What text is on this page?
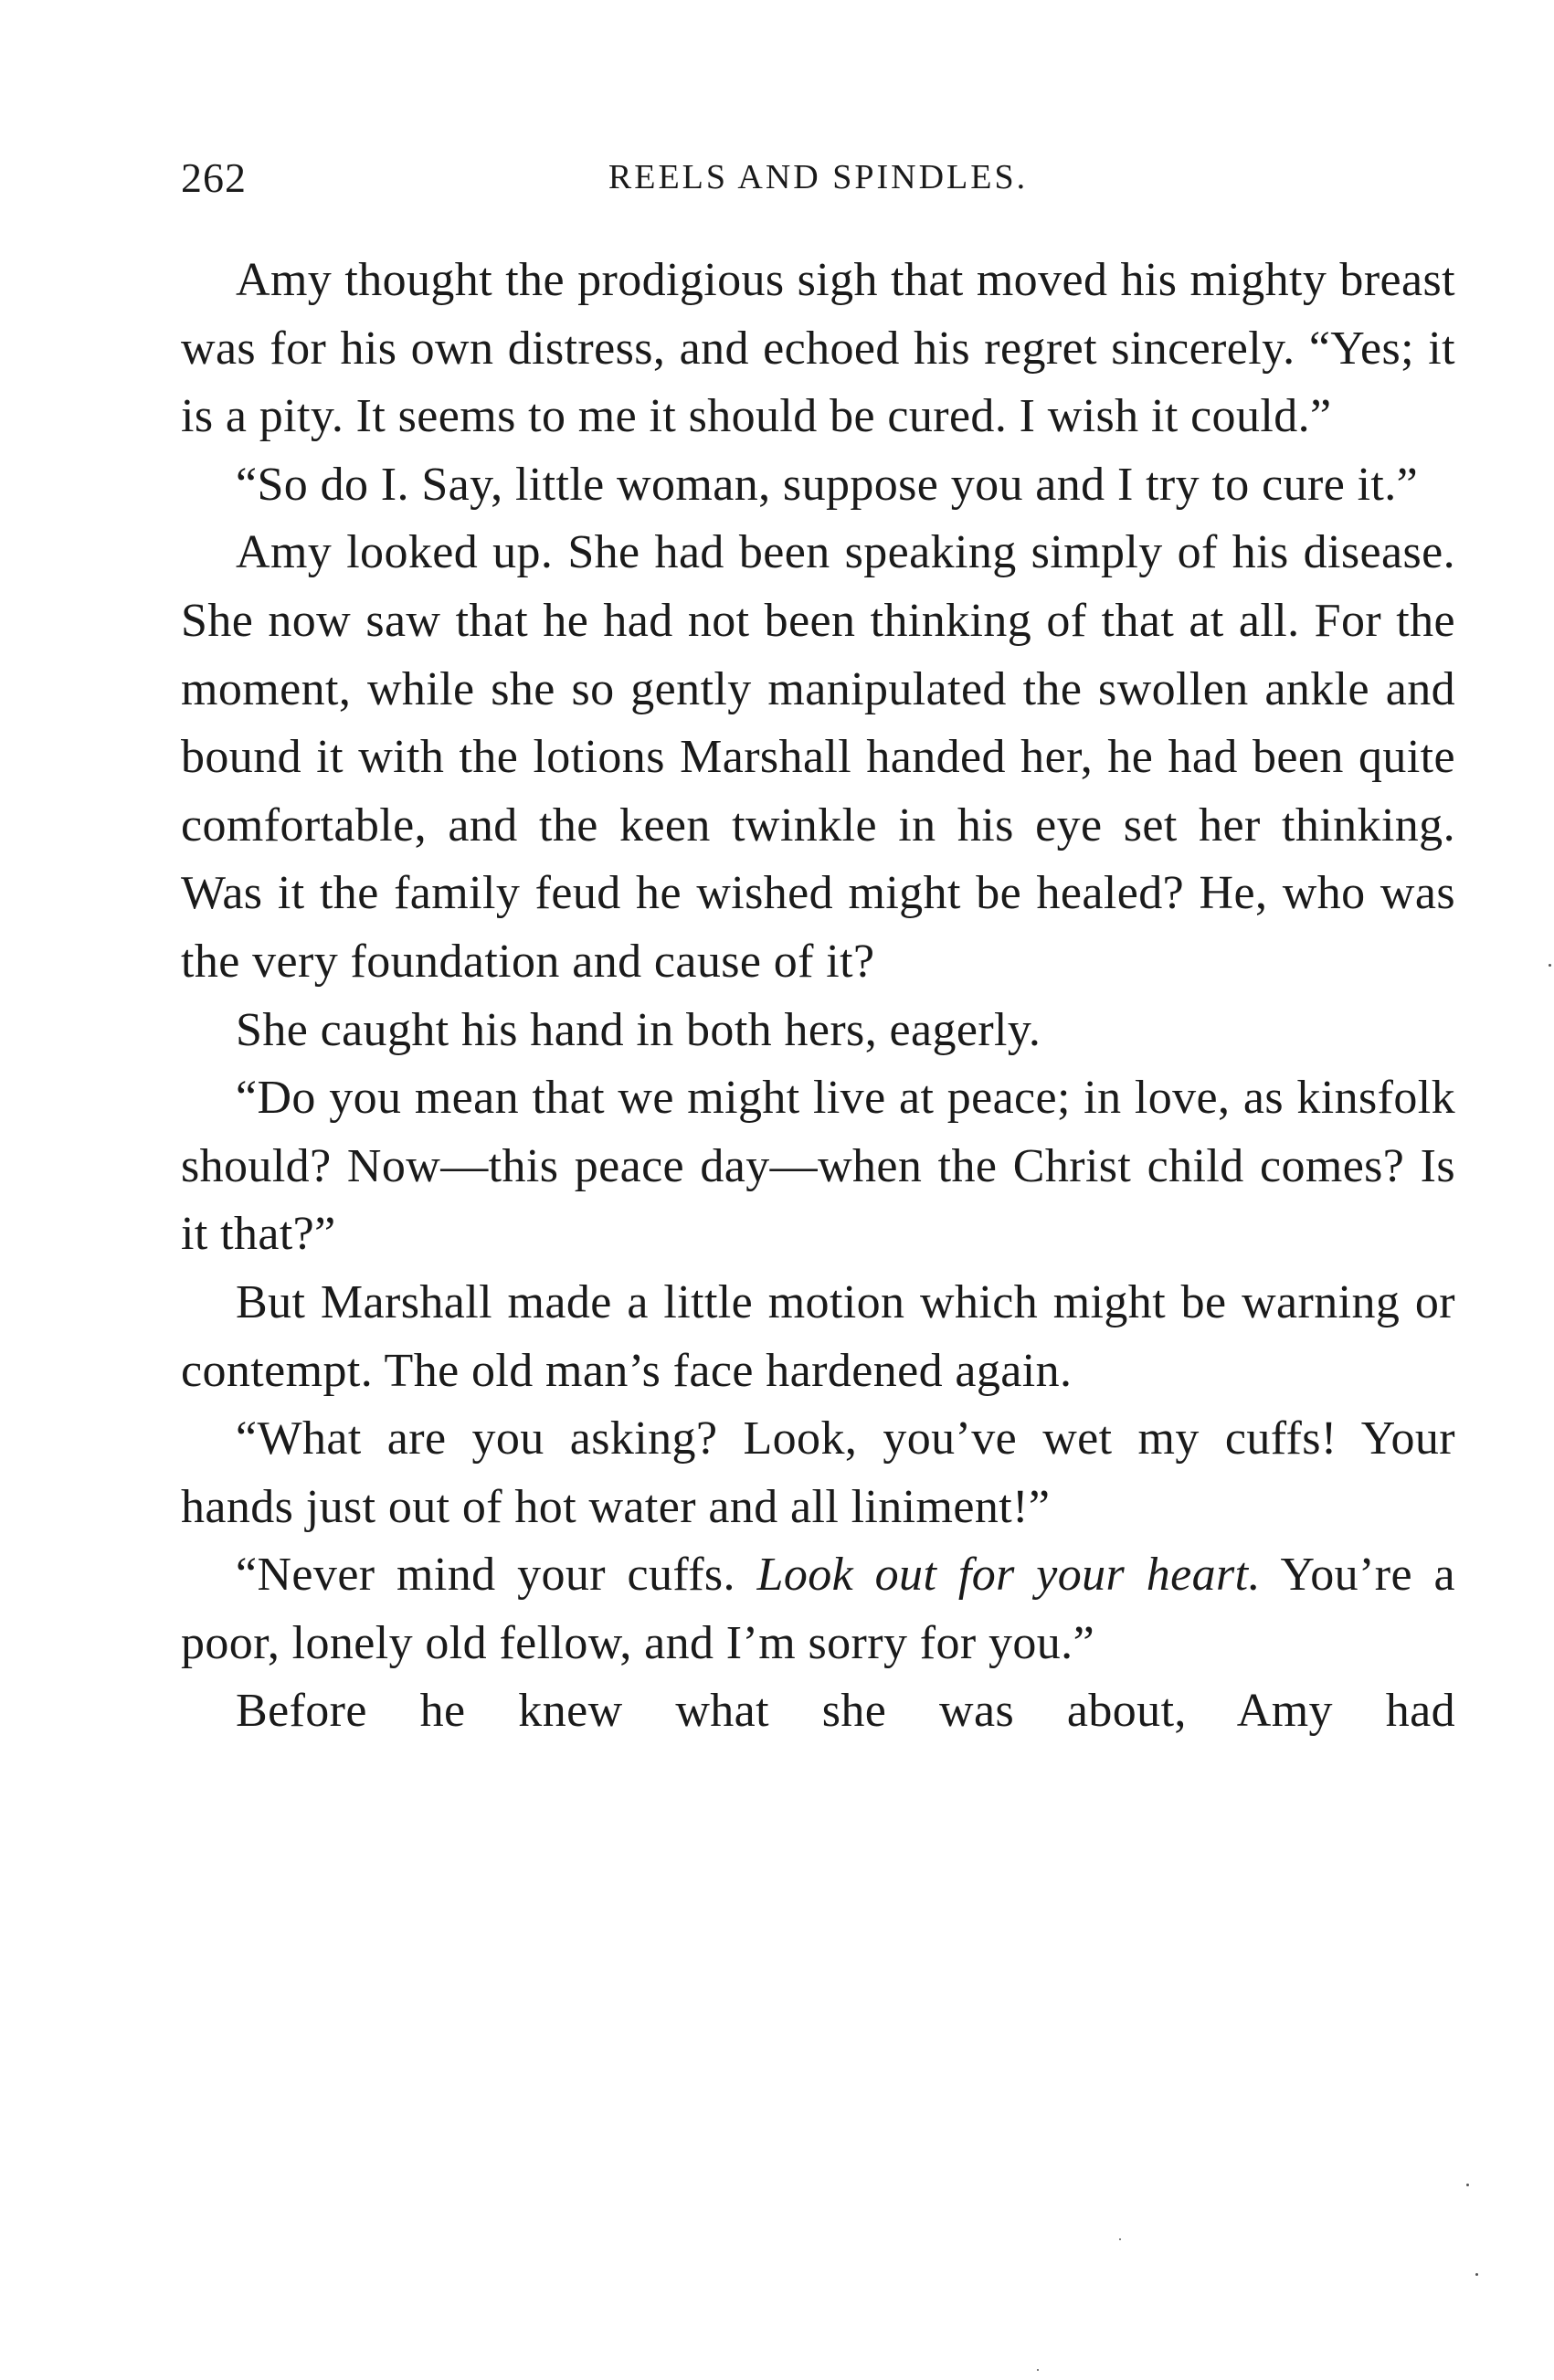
262	REELS AND SPINDLES.

Amy thought the prodigious sigh that moved his mighty breast was for his own distress, and echoed his regret sincerely. “Yes; it is a pity. It seems to me it should be cured. I wish it could.”

“So do I. Say, little woman, suppose you and I try to cure it.”

Amy looked up. She had been speaking simply of his disease. She now saw that he had not been thinking of that at all. For the moment, while she so gently manipulated the swollen ankle and bound it with the lotions Marshall handed her, he had been quite comfortable, and the keen twinkle in his eye set her thinking. Was it the family feud he wished might be healed? He, who was the very foundation and cause of it?

She caught his hand in both hers, eagerly.

“Do you mean that we might live at peace; in love, as kinsfolk should? Now—this peace day—when the Christ child comes? Is it that?”

But Marshall made a little motion which might be warning or contempt. The old man’s face hardened again.

“What are you asking? Look, you’ve wet my cuffs! Your hands just out of hot water and all liniment!”

“Never mind your cuffs. Look out for your heart. You’re a poor, lonely old fellow, and I’m sorry for you.”

Before he knew what she was about, Amy had
